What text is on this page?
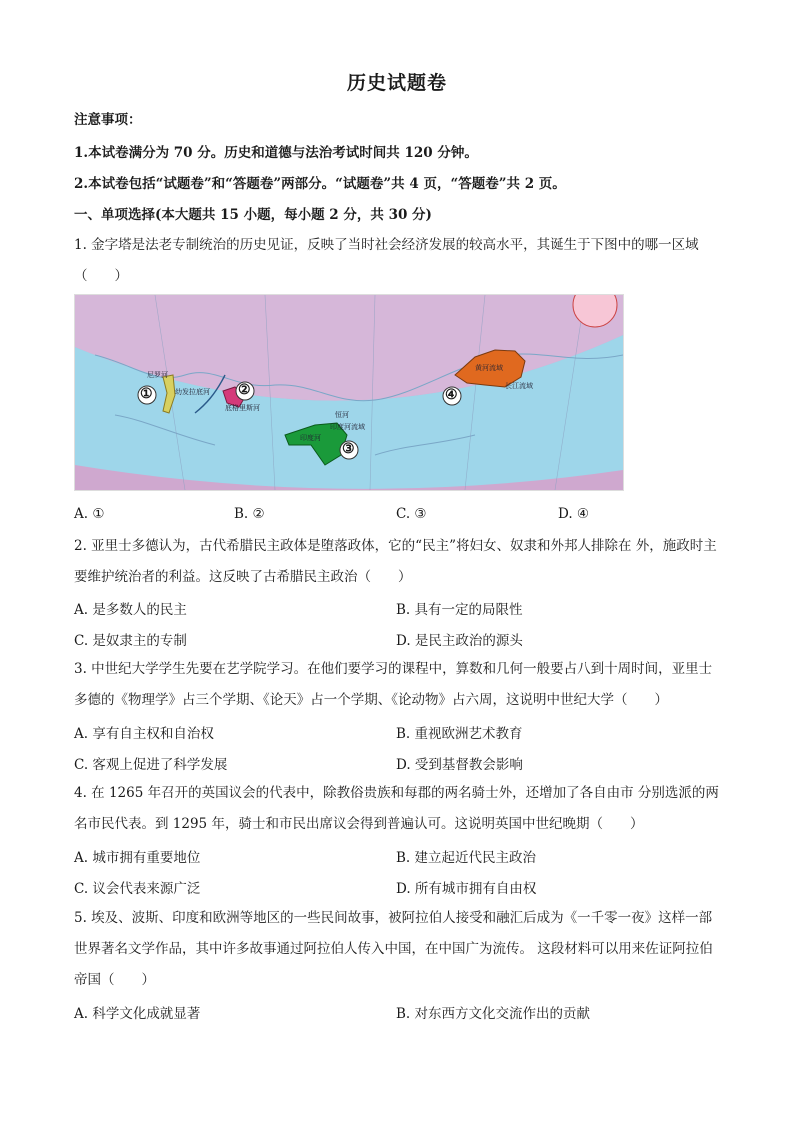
历史试题卷
注意事项：
1.本试卷满分为 70 分。历史和道德与法治考试时间共 120 分钟。
2.本试卷包括“试题卷”和“答题卷”两部分。“试题卷”共 4 页，“答题卷”共 2 页。
一、单项选择(本大题共 15 小题，每小题 2 分，共 30 分)
1. 金字塔是法老专制统治的历史见证，反映了当时社会经济发展的较高水平，其诞生于下图中的哪一区域（　　）
①	②
③
④
尼罗河
幼发拉底河
底格里斯河
印度河
恒河
印度河流域
黄河流域
长江流域
A. ①	B. ②	C. ③	D. ④
2. 亚里士多德认为，古代希腊民主政体是堕落政体，它的“民主”将妇女、奴隶和外邦人排除在 外，施政时主要维护统治者的利益。这反映了古希腊民主政治（　　）
A. 是多数人的民主	B. 具有一定的局限性
C. 是奴隶主的专制	D. 是民主政治的源头
3. 中世纪大学学生先要在艺学院学习。在他们要学习的课程中，算数和几何一般要占八到十周时间，亚里士多德的《物理学》占三个学期、《论天》占一个学期、《论动物》占六周，这说明中世纪大学（　　）
A. 享有自主权和自治权	B. 重视欧洲艺术教育
C. 客观上促进了科学发展	D. 受到基督教会影响
4. 在 1265 年召开的英国议会的代表中，除教俗贵族和每郡的两名骑士外，还增加了各自由市 分别选派的两名市民代表。到 1295 年，骑士和市民出席议会得到普遍认可。这说明英国中世纪晚期（　　）
A. 城市拥有重要地位	B. 建立起近代民主政治
C. 议会代表来源广泛	D. 所有城市拥有自由权
5. 埃及、波斯、印度和欧洲等地区的一些民间故事，被阿拉伯人接受和融汇后成为《一千零一夜》这样一部世界著名文学作品，其中许多故事通过阿拉伯人传入中国，在中国广为流传。 这段材料可以用来佐证阿拉伯帝国（　　）
A. 科学文化成就显著	B. 对东西方文化交流作出的贡献
